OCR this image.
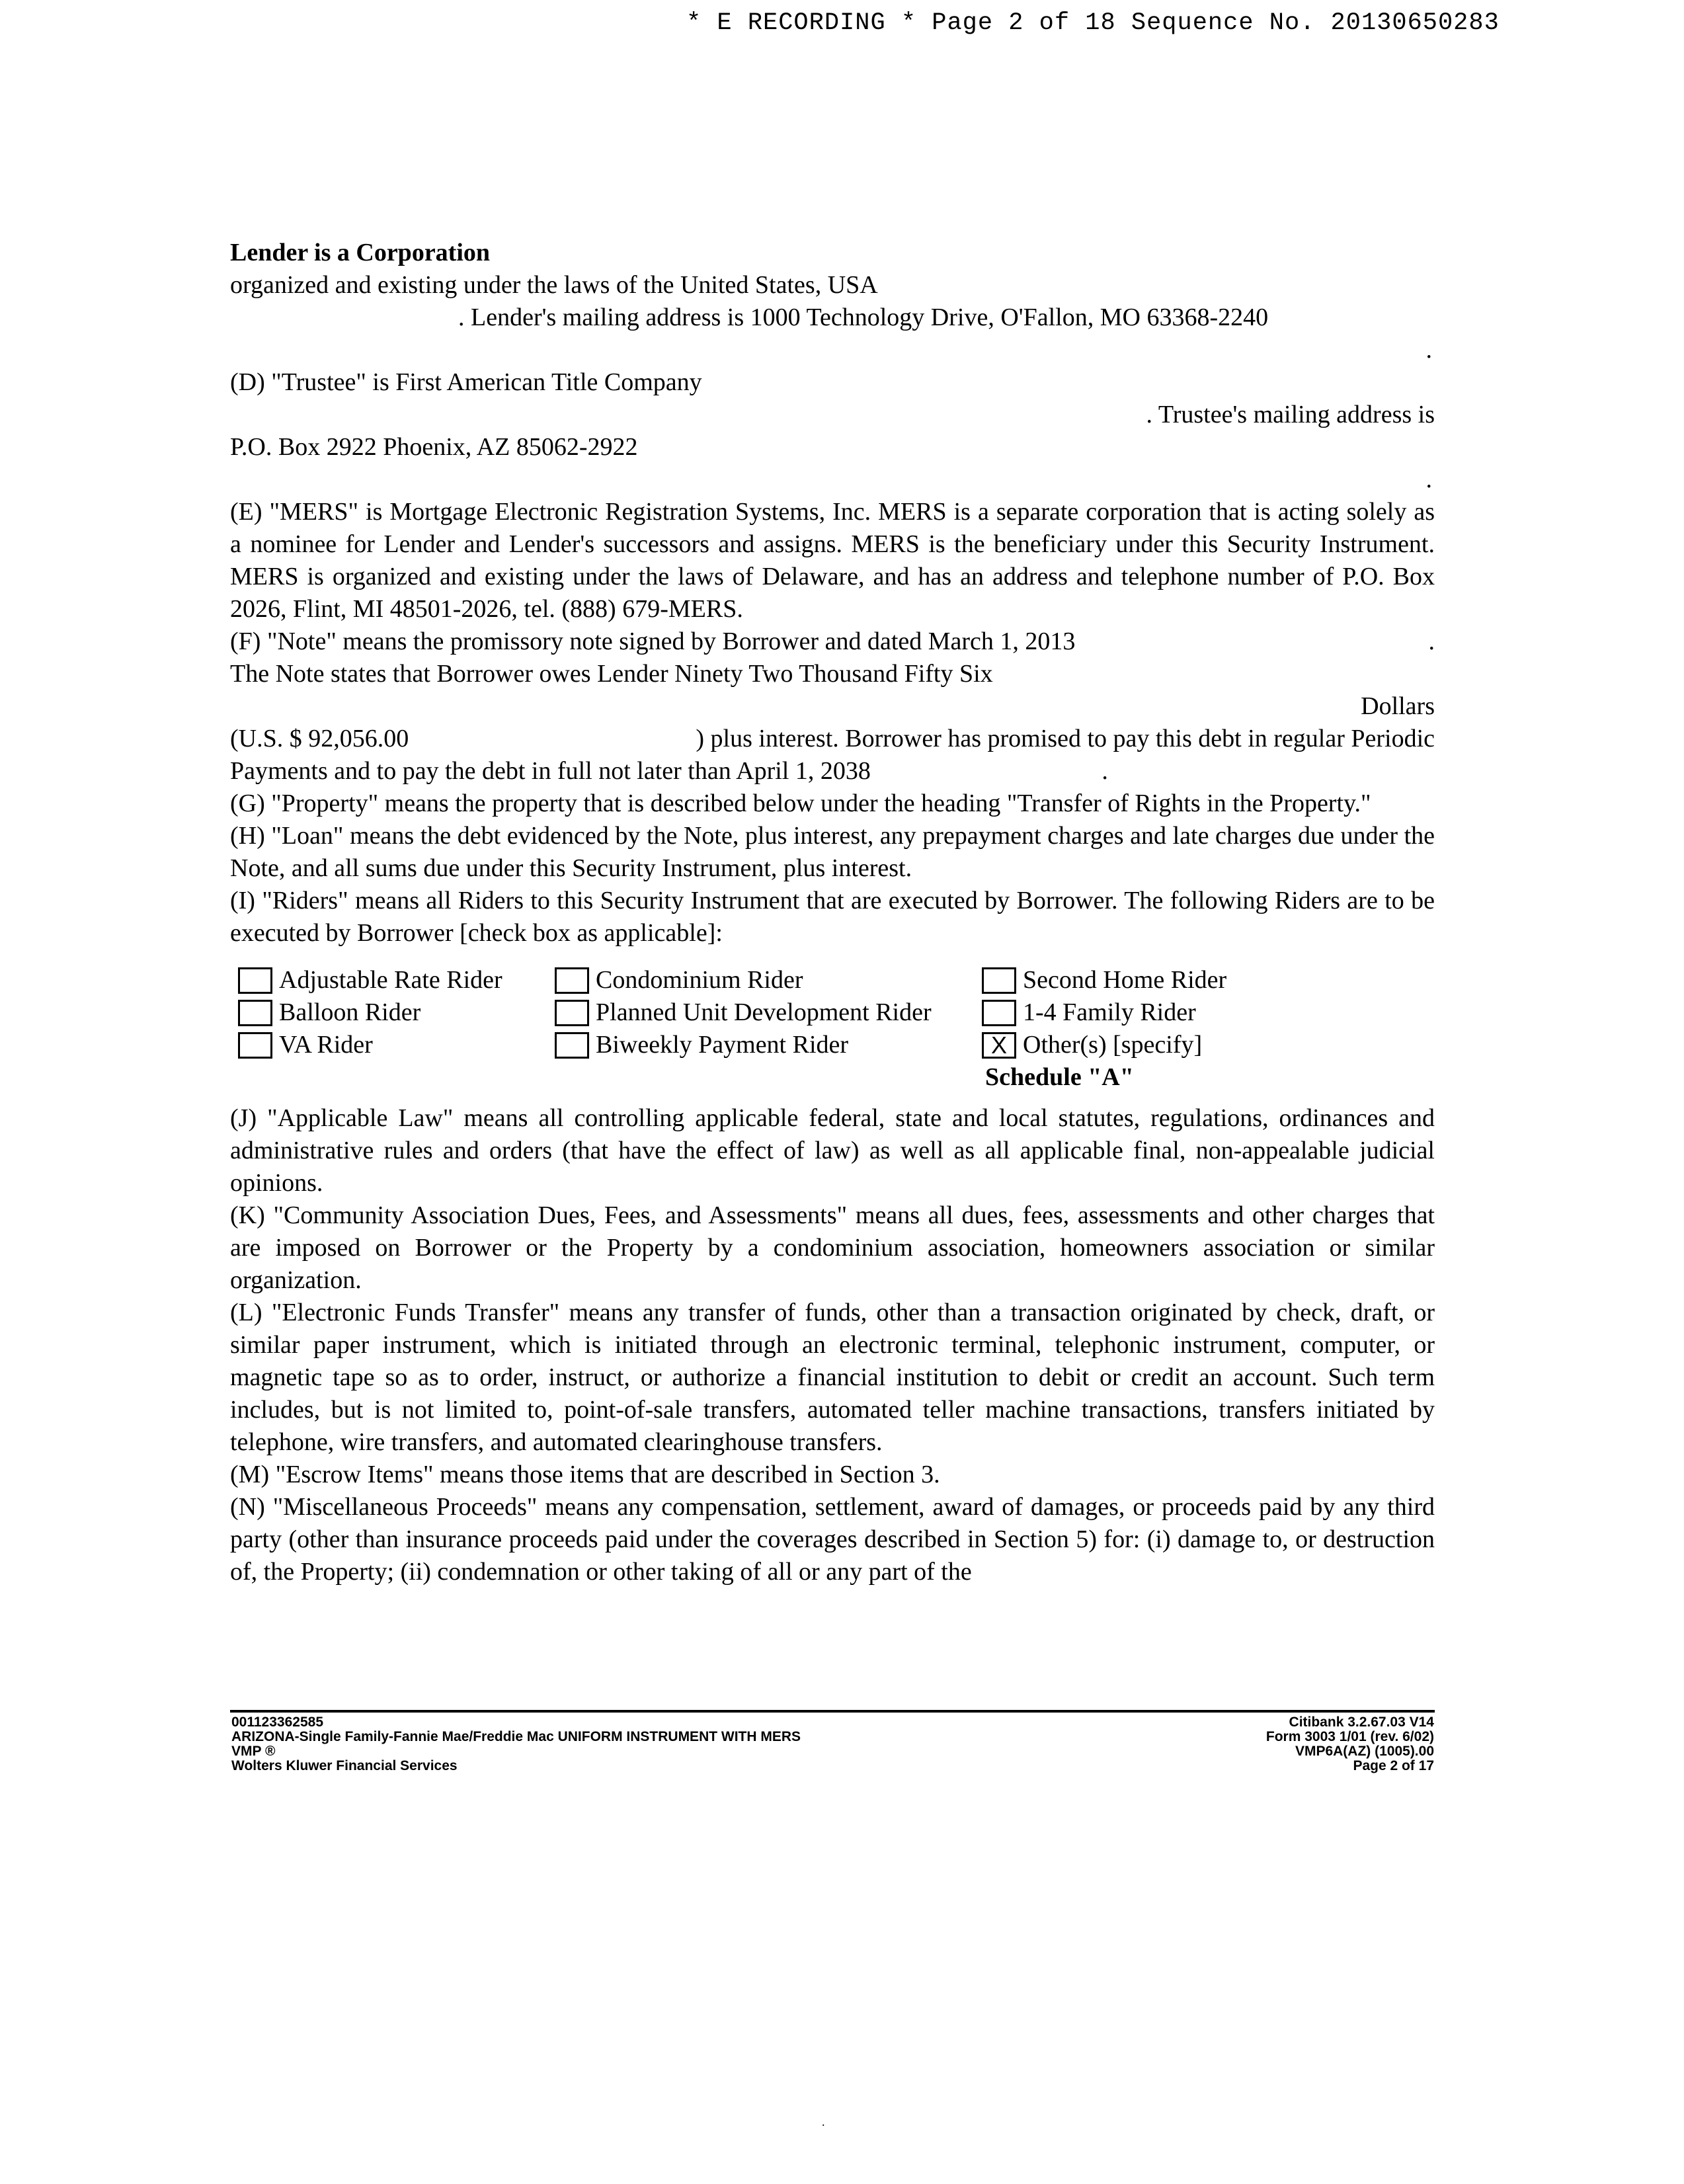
* E RECORDING * Page 2 of 18 Sequence No. 20130650283

Lender is a Corporation

organized and existing under the laws of the United States, USA

. Lender's mailing address is 1000 Technology Drive, O'Fallon, MO 63368-2240

.

(D) "Trustee" is First American Title Company

. Trustee's mailing address is

P.O. Box 2922 Phoenix, AZ 85062-2922

.

(E) "MERS" is Mortgage Electronic Registration Systems, Inc. MERS is a separate corporation that is acting solely as a nominee for Lender and Lender's successors and assigns. MERS is the beneficiary under this Security Instrument. MERS is organized and existing under the laws of Delaware, and has an address and telephone number of P.O. Box 2026, Flint, MI 48501-2026, tel. (888) 679-MERS.

(F) "Note" means the promissory note signed by Borrower and dated March 1, 2013	.

The Note states that Borrower owes Lender Ninety Two Thousand Fifty Six

Dollars

(U.S. $ 92,056.00	) plus interest. Borrower has promised to pay this debt in regular Periodic
Payments and to pay the debt in full not later than April 1, 2038	.

(G) "Property" means the property that is described below under the heading "Transfer of Rights in the Property."

(H) "Loan" means the debt evidenced by the Note, plus interest, any prepayment charges and late charges due under the Note, and all sums due under this Security Instrument, plus interest.

(I) "Riders" means all Riders to this Security Instrument that are executed by Borrower. The following Riders are to be executed by Borrower [check box as applicable]:

Adjustable Rate Rider	Condominium Rider	Second Home Rider
Balloon Rider	Planned Unit Development Rider	1-4 Family Rider
VA Rider	Biweekly Payment Rider	X Other(s) [specify]
Schedule "A"

(J) "Applicable Law" means all controlling applicable federal, state and local statutes, regulations, ordinances and administrative rules and orders (that have the effect of law) as well as all applicable final, non-appealable judicial opinions.

(K) "Community Association Dues, Fees, and Assessments" means all dues, fees, assessments and other charges that are imposed on Borrower or the Property by a condominium association, homeowners association or similar organization.

(L) "Electronic Funds Transfer" means any transfer of funds, other than a transaction originated by check, draft, or similar paper instrument, which is initiated through an electronic terminal, telephonic instrument, computer, or magnetic tape so as to order, instruct, or authorize a financial institution to debit or credit an account. Such term includes, but is not limited to, point-of-sale transfers, automated teller machine transactions, transfers initiated by telephone, wire transfers, and automated clearinghouse transfers.

(M) "Escrow Items" means those items that are described in Section 3.

(N) "Miscellaneous Proceeds" means any compensation, settlement, award of damages, or proceeds paid by any third party (other than insurance proceeds paid under the coverages described in Section 5) for: (i) damage to, or destruction of, the Property; (ii) condemnation or other taking of all or any part of the

001123362585
ARIZONA-Single Family-Fannie Mae/Freddie Mac UNIFORM INSTRUMENT WITH MERS
VMP ®
Wolters Kluwer Financial Services
Citibank 3.2.67.03 V14
Form 3003 1/01 (rev. 6/02)
VMP6A(AZ) (1005).00
Page 2 of 17
.
